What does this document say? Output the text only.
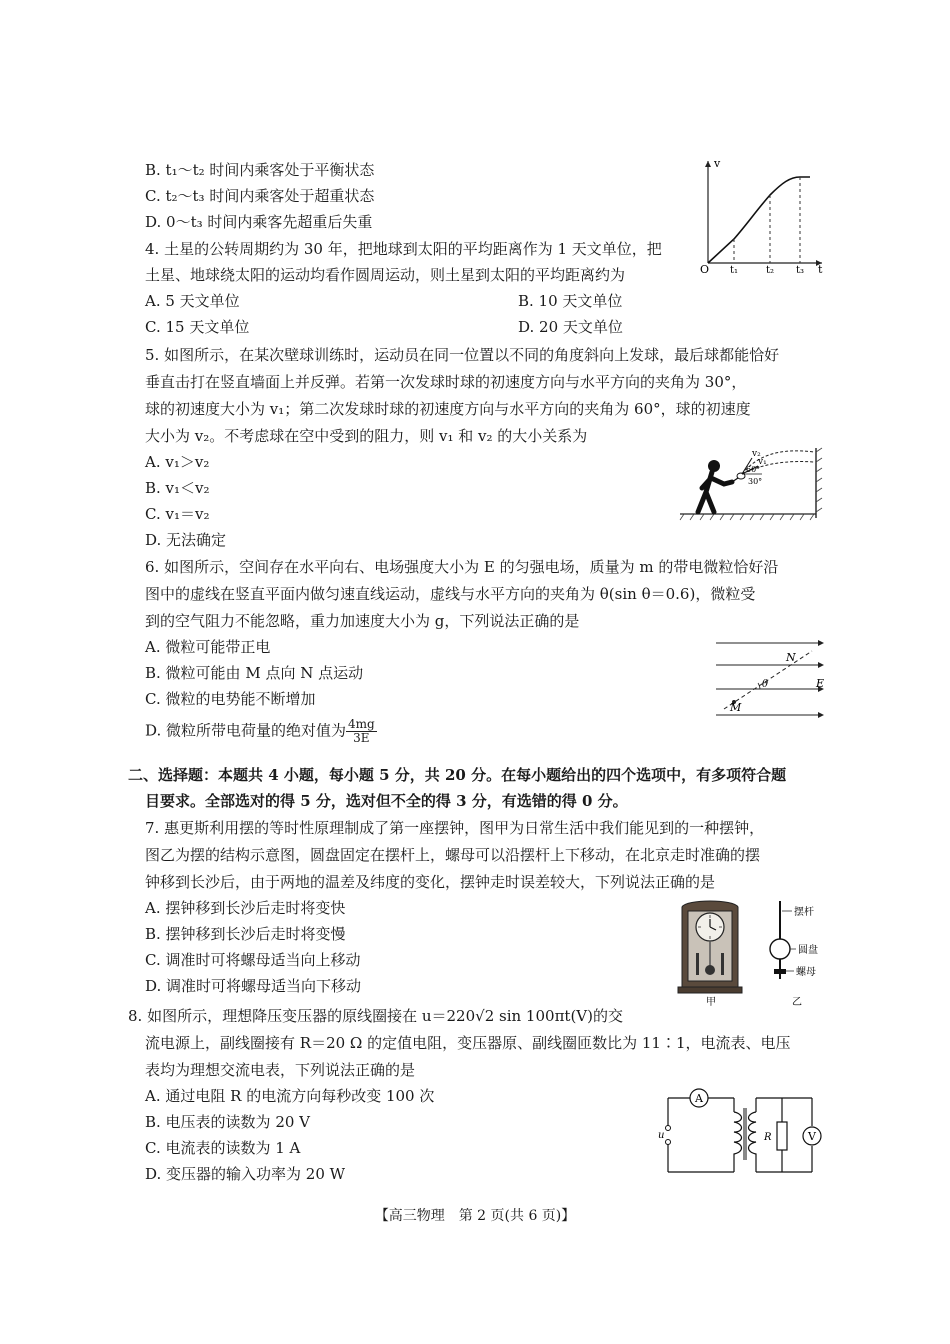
B. t₁～t₂ 时间内乘客处于平衡状态
C. t₂～t₃ 时间内乘客处于超重状态
D. 0～t₃ 时间内乘客先超重后失重
v
O t₁	t₂ t₃ t
4. 土星的公转周期约为 30 年，把地球到太阳的平均距离作为 1 天文单位，把
土星、地球绕太阳的运动均看作圆周运动，则土星到太阳的平均距离约为
A. 5 天文单位	B. 10 天文单位
C. 15 天文单位	D. 20 天文单位
5. 如图所示，在某次壁球训练时，运动员在同一位置以不同的角度斜向上发球，最后球都能恰好
垂直击打在竖直墙面上并反弹。若第一次发球时球的初速度方向与水平方向的夹角为 30°，
球的初速度大小为 v₁；第二次发球时球的初速度方向与水平方向的夹角为 60°，球的初速度
大小为 v₂。不考虑球在空中受到的阻力，则 v₁ 和 v₂ 的大小关系为
A. v₁＞v₂
B. v₁＜v₂
C. v₁＝v₂
D. 无法确定
v₂
v₁
60°
30°
6. 如图所示，空间存在水平向右、电场强度大小为 E 的匀强电场，质量为 m 的带电微粒恰好沿
图中的虚线在竖直平面内做匀速直线运动，虚线与水平方向的夹角为 θ(sin θ＝0.6)，微粒受
到的空气阻力不能忽略，重力加速度大小为 g，下列说法正确的是
A. 微粒可能带正电
B. 微粒可能由 M 点向 N 点运动
C. 微粒的电势能不断增加
D. 微粒所带电荷量的绝对值为 $\frac{4mg}{3E}$
N
M
E
θ
二、选择题：本题共 4 小题，每小题 5 分，共 20 分。在每小题给出的四个选项中，有多项符合题
目要求。全部选对的得 5 分，选对但不全的得 3 分，有选错的得 0 分。
7. 惠更斯利用摆的等时性原理制成了第一座摆钟，图甲为日常生活中我们能见到的一种摆钟，
图乙为摆的结构示意图，圆盘固定在摆杆上，螺母可以沿摆杆上下移动，在北京走时准确的摆
钟移到长沙后，由于两地的温差及纬度的变化，摆钟走时误差较大，下列说法正确的是
A. 摆钟移到长沙后走时将变快
B. 摆钟移到长沙后走时将变慢
C. 调准时可将螺母适当向上移动
D. 调准时可将螺母适当向下移动
甲
摆杆
圆盘
螺母
乙
8. 如图所示，理想降压变压器的原线圈接在 u＝220√2 sin 100πt(V)的交
流电源上，副线圈接有 R＝20 Ω 的定值电阻，变压器原、副线圈匝数比为 11∶1，电流表、电压
表均为理想交流电表，下列说法正确的是
A. 通过电阻 R 的电流方向每秒改变 100 次
B. 电压表的读数为 20 V
C. 电流表的读数为 1 A
D. 变压器的输入功率为 20 W
A
u	R	V
【高三物理　第 2 页(共 6 页)】
